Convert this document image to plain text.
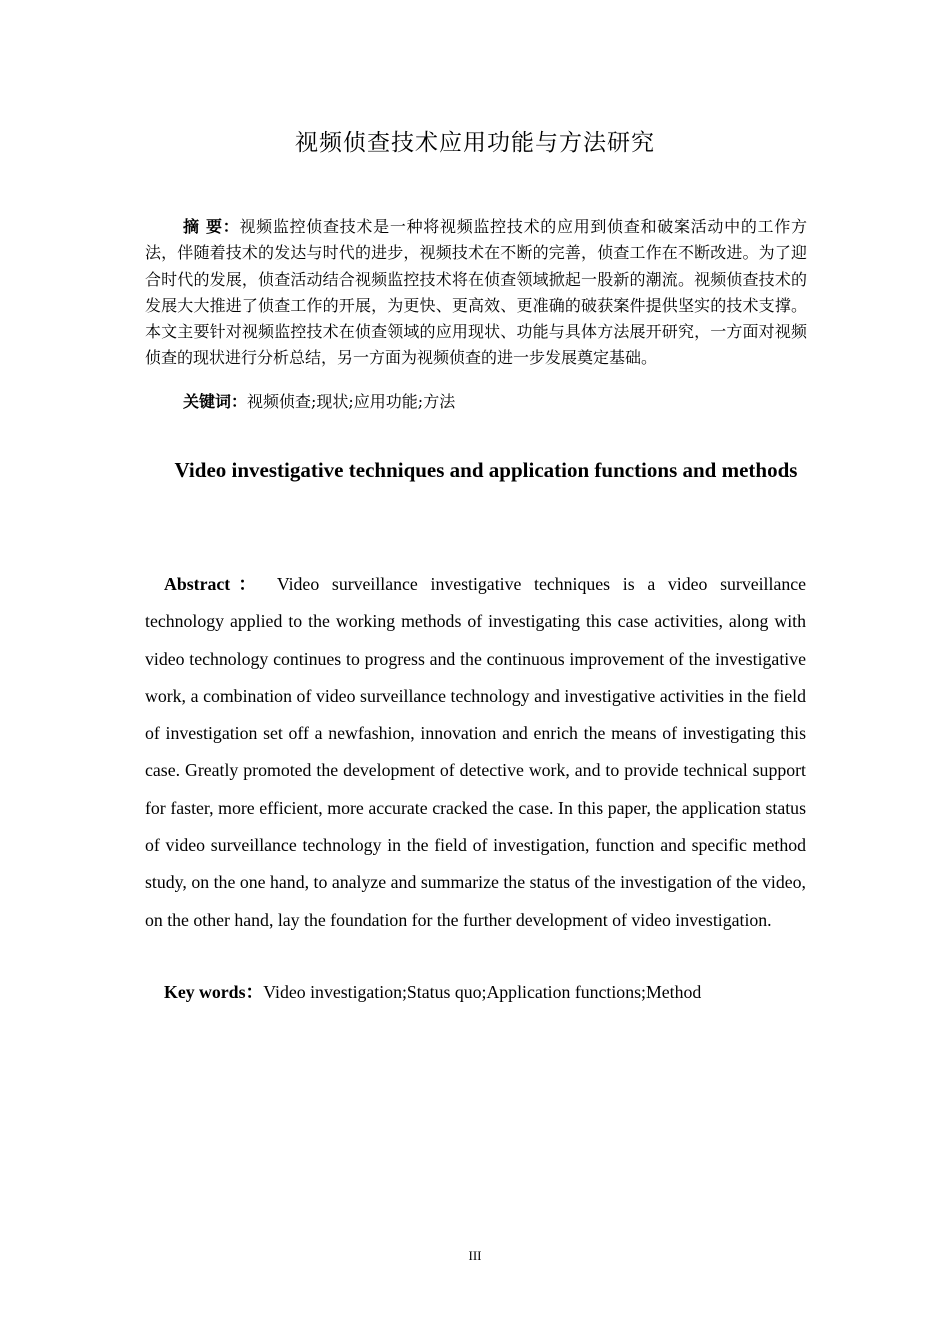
视频侦查技术应用功能与方法研究

摘 要：视频监控侦查技术是一种将视频监控技术的应用到侦查和破案活动中的工作方法，伴随着技术的发达与时代的进步，视频技术在不断的完善，侦查工作在不断改进。为了迎合时代的发展，侦查活动结合视频监控技术将在侦查领域掀起一股新的潮流。视频侦查技术的发展大大推进了侦查工作的开展，为更快、更高效、更准确的破获案件提供坚实的技术支撑。本文主要针对视频监控技术在侦查领域的应用现状、功能与具体方法展开研究，一方面对视频侦查的现状进行分析总结，另一方面为视频侦查的进一步发展奠定基础。

关键词：视频侦查;现状;应用功能;方法

Video investigative techniques and application functions and methods

Abstract： Video surveillance investigative techniques is a video surveillance technology applied to the working methods of investigating this case activities, along with video technology continues to progress and the continuous improvement of the investigative work, a combination of video surveillance technology and investigative activities in the field of investigation set off a newfashion, innovation and enrich the means of investigating this case. Greatly promoted the development of detective work, and to provide technical support for faster, more efficient, more accurate cracked the case. In this paper, the application status of video surveillance technology in the field of investigation, function and specific method study, on the one hand, to analyze and summarize the status of the investigation of the video, on the other hand, lay the foundation for the further development of video investigation.

Key words：Video investigation;Status quo;Application functions;Method

III
